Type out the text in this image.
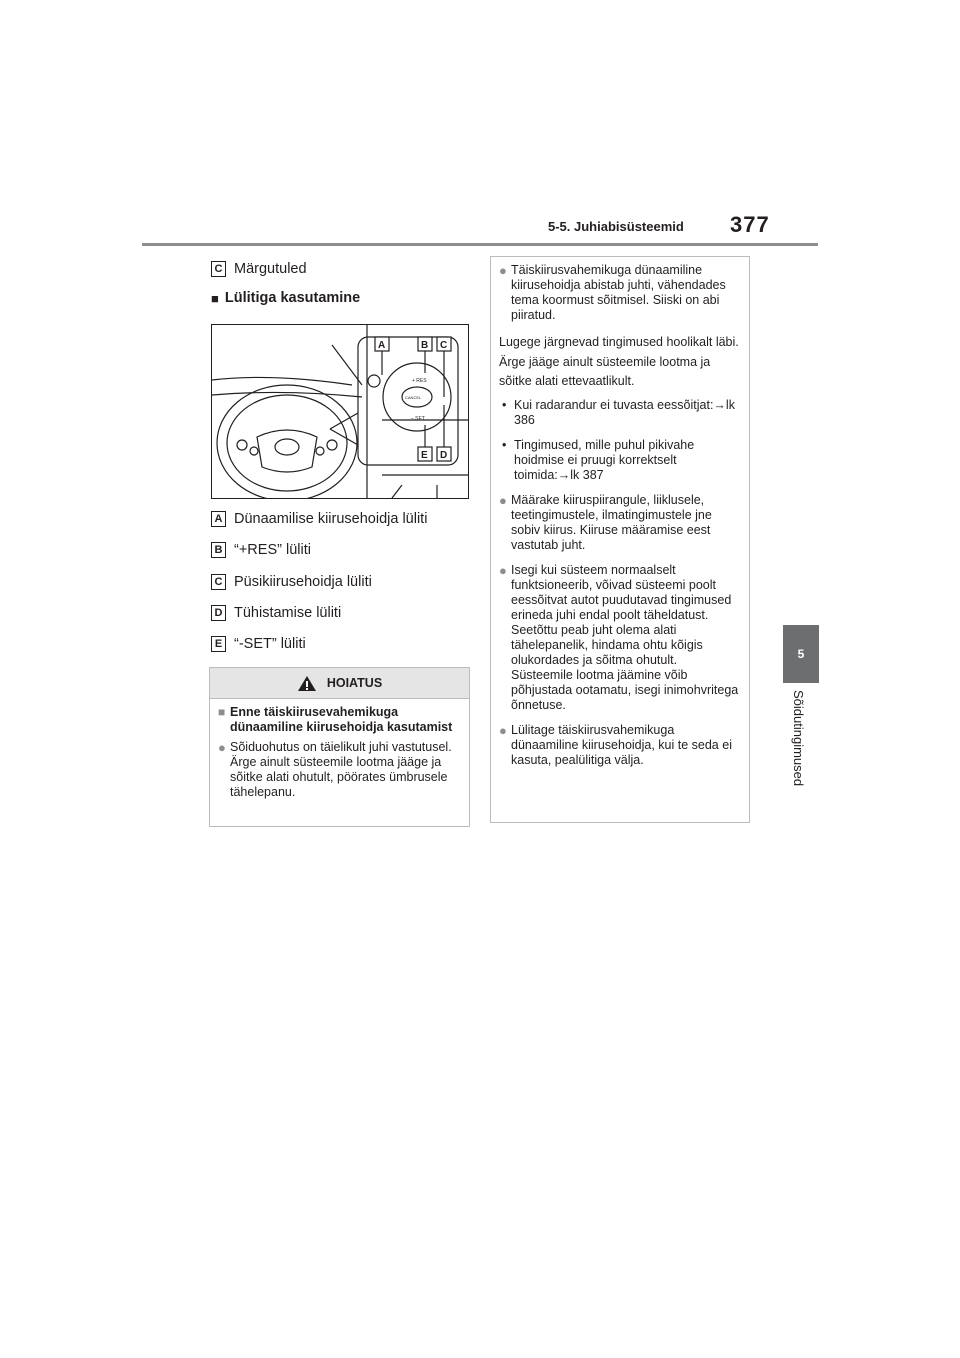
5-5. Juhiabisüsteemid 377
5
Sõidutingimused
C Märgutuled
■ Lülitiga kasutamine
+ RES
CANCEL
– SET
A	B C
E D
A Dünaamilise kiirusehoidja lüliti
B “+RES” lüliti
C Püsikiirusehoidja lüliti
D Tühistamise lüliti
E “-SET” lüliti
HOIATUS
■ Enne täiskiirusevahemikuga dünaamiline kiirusehoidja kasutamist
● Sõiduohutus on täielikult juhi vastutusel. Ärge ainult süsteemile lootma jääge ja sõitke alati ohutult, pöörates ümbrusele tähelepanu.
● Täiskiirusvahemikuga dünaamiline kiirusehoidja abistab juhti, vähendades tema koormust sõitmisel. Siiski on abi piiratud.
Lugege järgnevad tingimused hoolikalt läbi. Ärge jääge ainult süsteemile lootma ja sõitke alati ettevaatlikult.
• Kui radarandur ei tuvasta eessõitjat:→lk 386
• Tingimused, mille puhul pikivahe hoidmise ei pruugi korrektselt toimida:→lk 387
● Määrake kiiruspiirangule, liiklusele, teetingimustele, ilmatingimustele jne sobiv kiirus. Kiiruse määramise eest vastutab juht.
● Isegi kui süsteem normaalselt funktsioneerib, võivad süsteemi poolt eessõitvat autot puudutavad tingimused erineda juhi endal poolt täheldatust. Seetõttu peab juht olema alati tähelepanelik, hindama ohtu kõigis olukordades ja sõitma ohutult. Süsteemile lootma jäämine võib põhjustada ootamatu, isegi inimohvritega õnnetuse.
● Lülitage täiskiirusvahemikuga dünaamiline kiirusehoidja, kui te seda ei kasuta, pealülitiga välja.
